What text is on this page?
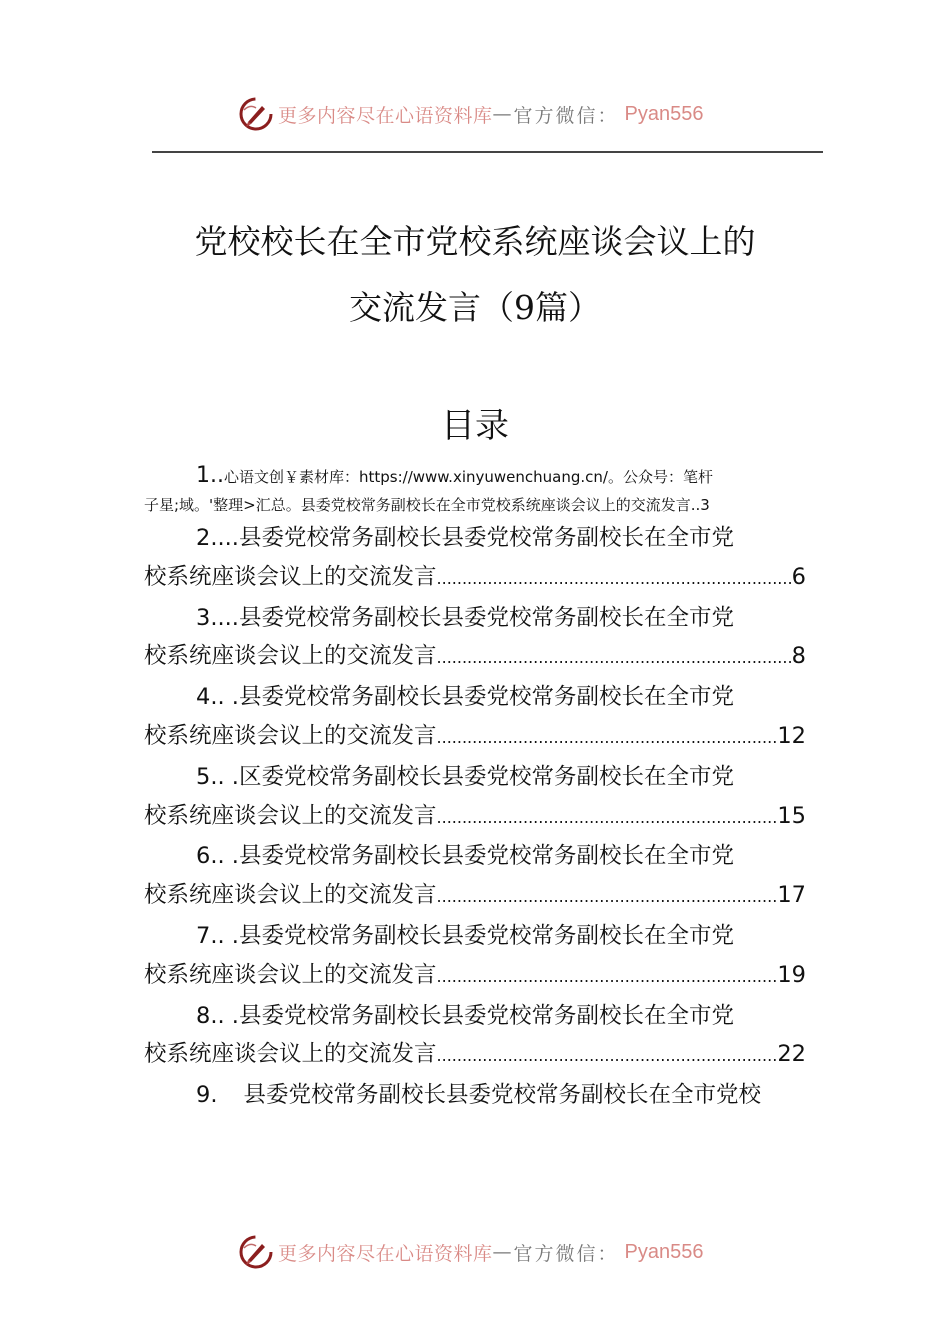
更多内容尽在心语资料库 — 官方微信： Pyan556
党校校长在全市党校系统座谈会议上的
交流发言（9篇）
目录
1..心语文创￥素材库：https://www.xinyuwenchuang.cn/。公众号：笔杆
子星;域。'整理>汇总。县委党校常务副校长在全市党校系统座谈会议上的交流发言..3
2....县委党校常务副校长县委党校常务副校长在全市党
校系统座谈会议上的交流发言 .....	6
3....县委党校常务副校长县委党校常务副校长在全市党
校系统座谈会议上的交流发言 .....	8
4.. .县委党校常务副校长县委党校常务副校长在全市党
校系统座谈会议上的交流发言 .....	12
5.. .区委党校常务副校长县委党校常务副校长在全市党
校系统座谈会议上的交流发言 .....	15
6.. .县委党校常务副校长县委党校常务副校长在全市党
校系统座谈会议上的交流发言 .....	17
7.. .县委党校常务副校长县委党校常务副校长在全市党
校系统座谈会议上的交流发言 .....	19
8.. .县委党校常务副校长县委党校常务副校长在全市党
校系统座谈会议上的交流发言 .....	22
9. 县委党校常务副校长县委党校常务副校长在全市党校
更多内容尽在心语资料库 — 官方微信： Pyan556
